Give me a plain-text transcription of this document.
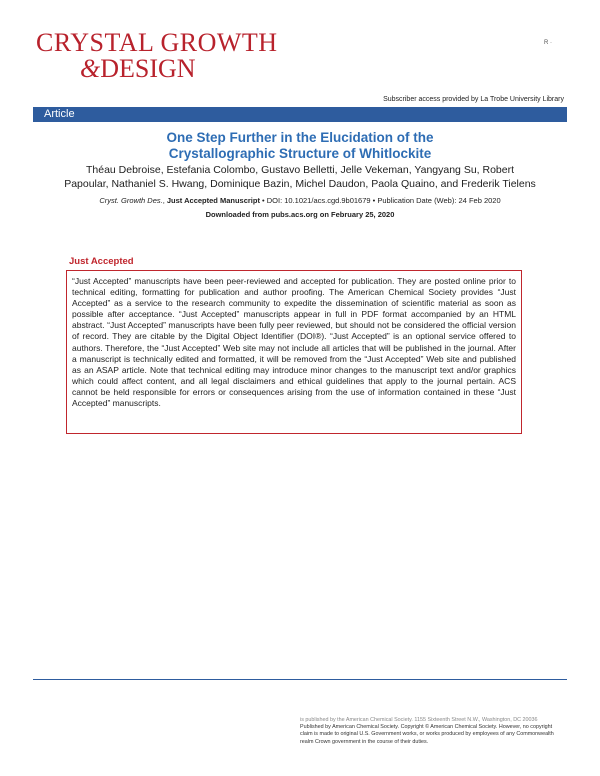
CRYSTAL GROWTH
&DESIGN
R ·
Subscriber access provided by La Trobe University Library
Article
One Step Further in the Elucidation of the
Crystallographic Structure of Whitlockite
Théau Debroise, Estefania Colombo, Gustavo Belletti, Jelle Vekeman, Yangyang Su, Robert
Papoular, Nathaniel S. Hwang, Dominique Bazin, Michel Daudon, Paola Quaino, and Frederik Tielens
Cryst. Growth Des., Just Accepted Manuscript • DOI: 10.1021/acs.cgd.9b01679 • Publication Date (Web): 24 Feb 2020
Downloaded from pubs.acs.org on February 25, 2020
Just Accepted
“Just Accepted” manuscripts have been peer-reviewed and accepted for publication. They are posted online prior to technical editing, formatting for publication and author proofing. The American Chemical Society provides “Just Accepted” as a service to the research community to expedite the dissemination of scientific material as soon as possible after acceptance. “Just Accepted” manuscripts appear in full in PDF format accompanied by an HTML abstract. “Just Accepted” manuscripts have been fully peer reviewed, but should not be considered the official version of record. They are citable by the Digital Object Identifier (DOI®). “Just Accepted” is an optional service offered to authors. Therefore, the “Just Accepted” Web site may not include all articles that will be published in the journal. After a manuscript is technically edited and formatted, it will be removed from the “Just Accepted” Web site and published as an ASAP article. Note that technical editing may introduce minor changes to the manuscript text and/or graphics which could affect content, and all legal disclaimers and ethical guidelines that apply to the journal pertain. ACS cannot be held responsible for errors or consequences arising from the use of information contained in these “Just Accepted” manuscripts.
is published by the American Chemical Society. 1155 Sixteenth Street N.W., Washington, DC 20036
Published by American Chemical Society. Copyright © American Chemical Society. However, no copyright claim is made to original U.S. Government works, or works produced by employees of any Commonwealth realm Crown government in the course of their duties.
